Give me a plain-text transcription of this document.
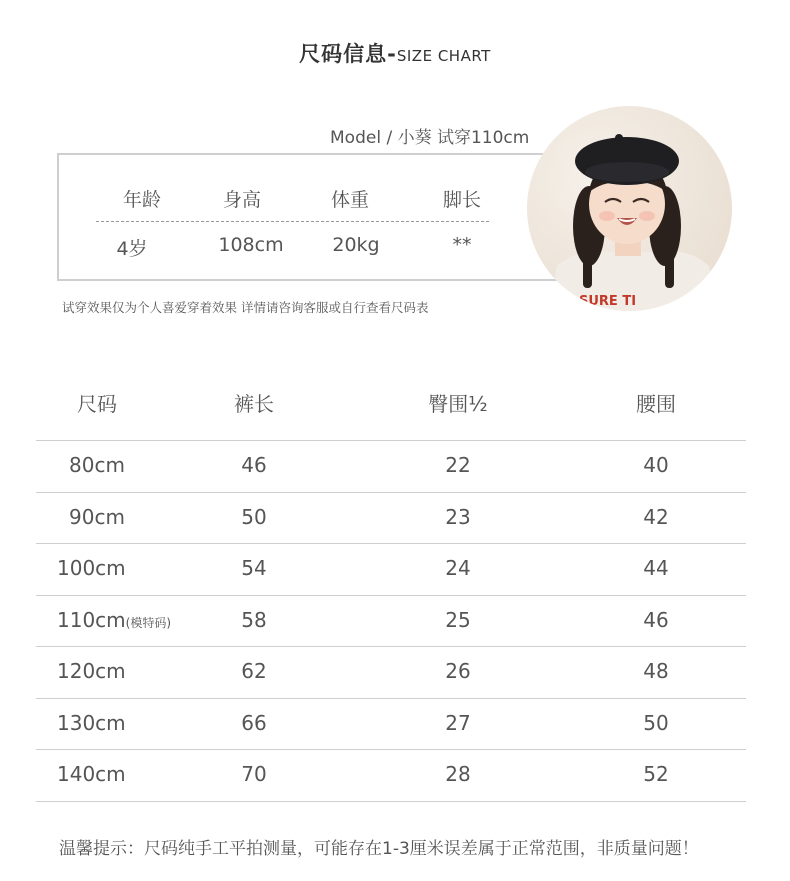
尺码信息-SIZE CHART
Model / 小葵 试穿110cm
年龄	身高	体重	脚长
4岁	108cm	20kg	**
SURE TI
试穿效果仅为个人喜爱穿着效果 详情请咨询客服或自行查看尺码表
尺码	裤长	臀围½	腰围
80cm	46	22	40
90cm	50	23	42
100cm	54	24	44
110cm(模特码)	58	25	46
120cm	62	26	48
130cm	66	27	50
140cm	70	28	52
温馨提示：尺码纯手工平拍测量，可能存在1-3厘米误差属于正常范围，非质量问题！
